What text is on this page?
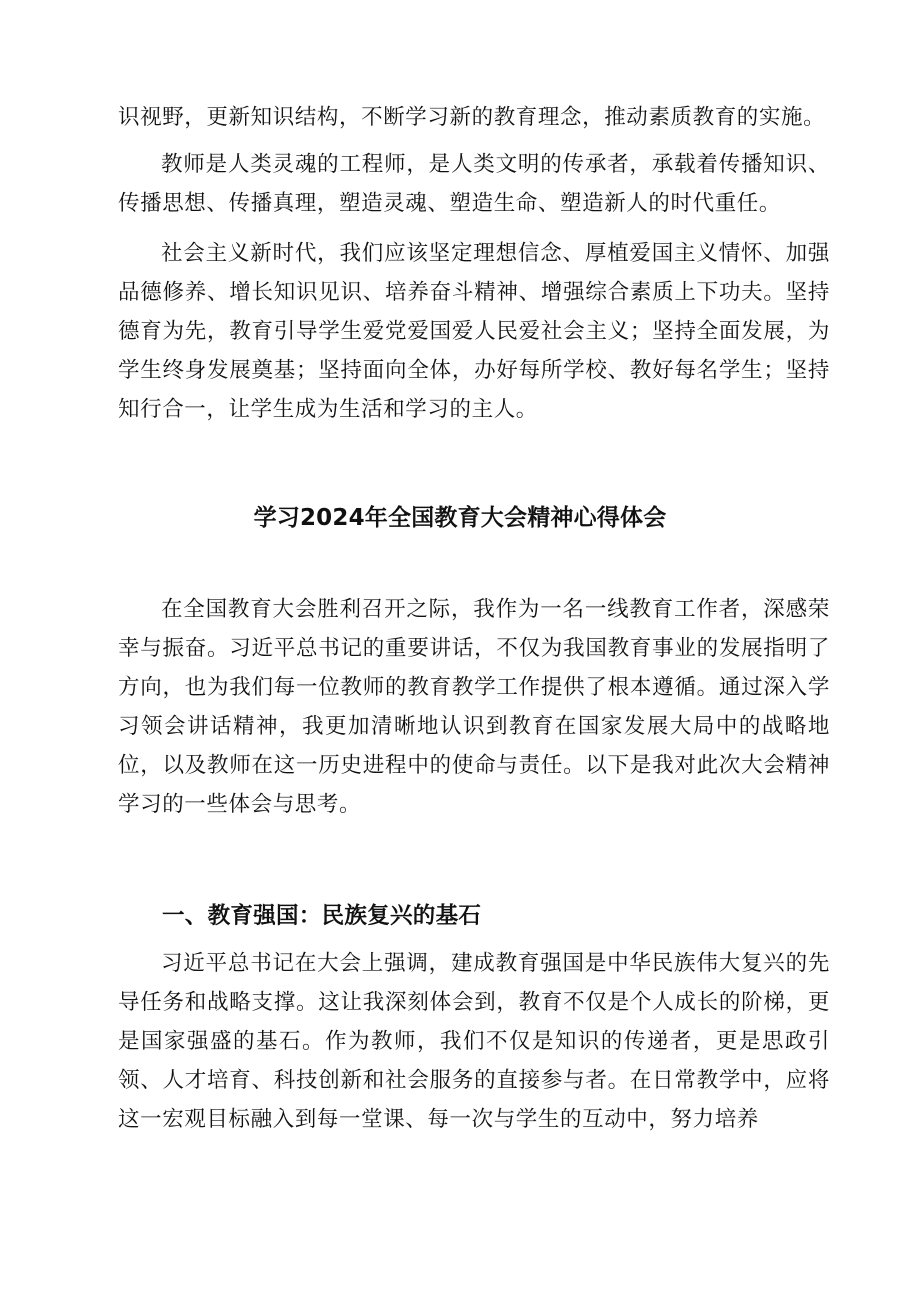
识视野，更新知识结构，不断学习新的教育理念，推动素质教育的实施。

教师是人类灵魂的工程师，是人类文明的传承者，承载着传播知识、传播思想、传播真理，塑造灵魂、塑造生命、塑造新人的时代重任。

社会主义新时代，我们应该坚定理想信念、厚植爱国主义情怀、加强品德修养、增长知识见识、培养奋斗精神、增强综合素质上下功夫。坚持德育为先，教育引导学生爱党爱国爱人民爱社会主义；坚持全面发展，为学生终身发展奠基；坚持面向全体，办好每所学校、教好每名学生；坚持知行合一，让学生成为生活和学习的主人。

学习2024年全国教育大会精神心得体会

在全国教育大会胜利召开之际，我作为一名一线教育工作者，深感荣幸与振奋。习近平总书记的重要讲话，不仅为我国教育事业的发展指明了方向，也为我们每一位教师的教育教学工作提供了根本遵循。通过深入学习领会讲话精神，我更加清晰地认识到教育在国家发展大局中的战略地位，以及教师在这一历史进程中的使命与责任。以下是我对此次大会精神学习的一些体会与思考。

一、教育强国：民族复兴的基石

习近平总书记在大会上强调，建成教育强国是中华民族伟大复兴的先导任务和战略支撑。这让我深刻体会到，教育不仅是个人成长的阶梯，更是国家强盛的基石。作为教师，我们不仅是知识的传递者，更是思政引领、人才培育、科技创新和社会服务的直接参与者。在日常教学中，应将这一宏观目标融入到每一堂课、每一次与学生的互动中，努力培养
